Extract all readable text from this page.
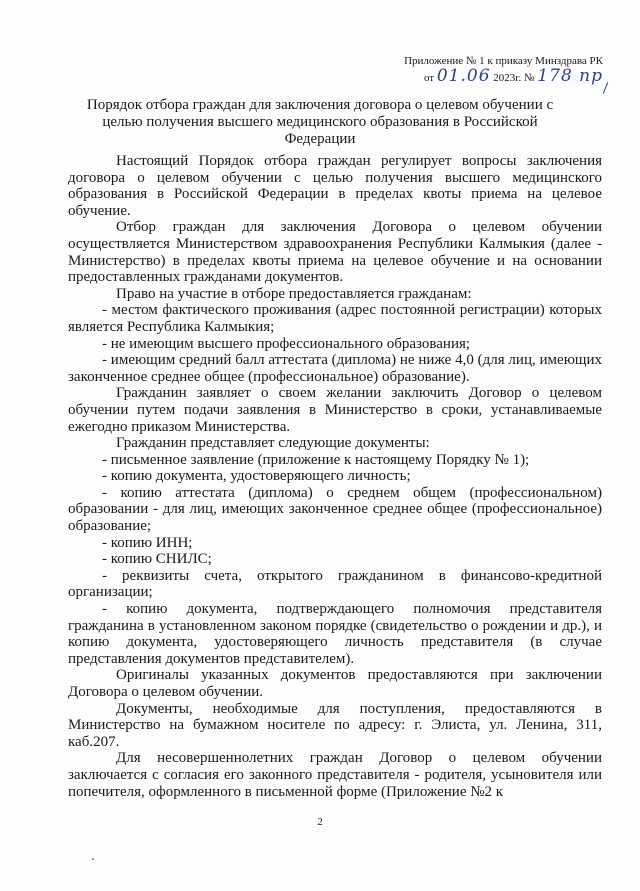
Приложение № 1 к приказу Минздрава РК
от 01.06 2023г. № 178 пр
Порядок отбора граждан для заключения договора о целевом обучении с целью получения высшего медицинского образования в Российской Федерации

Настоящий Порядок отбора граждан регулирует вопросы заключения договора о целевом обучении с целью получения высшего медицинского образования в Российской Федерации в пределах квоты приема на целевое обучение.

Отбор граждан для заключения Договора о целевом обучении осуществляется Министерством здравоохранения Республики Калмыкия (далее - Министерство) в пределах квоты приема на целевое обучение и на основании предоставленных гражданами документов.

Право на участие в отборе предоставляется гражданам:

- местом фактического проживания (адрес постоянной регистрации) которых является Республика Калмыкия;

- не имеющим высшего профессионального образования;

- имеющим средний балл аттестата (диплома) не ниже 4,0 (для лиц, имеющих законченное среднее общее (профессиональное) образование).

Гражданин заявляет о своем желании заключить Договор о целевом обучении путем подачи заявления в Министерство в сроки, устанавливаемые ежегодно приказом Министерства.

Гражданин представляет следующие документы:

- письменное заявление (приложение к настоящему Порядку № 1);

- копию документа, удостоверяющего личность;

- копию аттестата (диплома) о среднем общем (профессиональном) образовании - для лиц, имеющих законченное среднее общее (профессиональное) образование;

- копию ИНН;

- копию СНИЛС;

- реквизиты счета, открытого гражданином в финансово-кредитной организации;

- копию документа, подтверждающего полномочия представителя гражданина в установленном законом порядке (свидетельство о рождении и др.), и копию документа, удостоверяющего личность представителя (в случае представления документов представителем).

Оригиналы указанных документов предоставляются при заключении Договора о целевом обучении.

Документы, необходимые для поступления, предоставляются в Министерство на бумажном носителе по адресу: г. Элиста, ул. Ленина, 311, каб.207.

Для несовершеннолетних граждан Договор о целевом обучении заключается с согласия его законного представителя - родителя, усыновителя или попечителя, оформленного в письменной форме (Приложение №2 к

2
